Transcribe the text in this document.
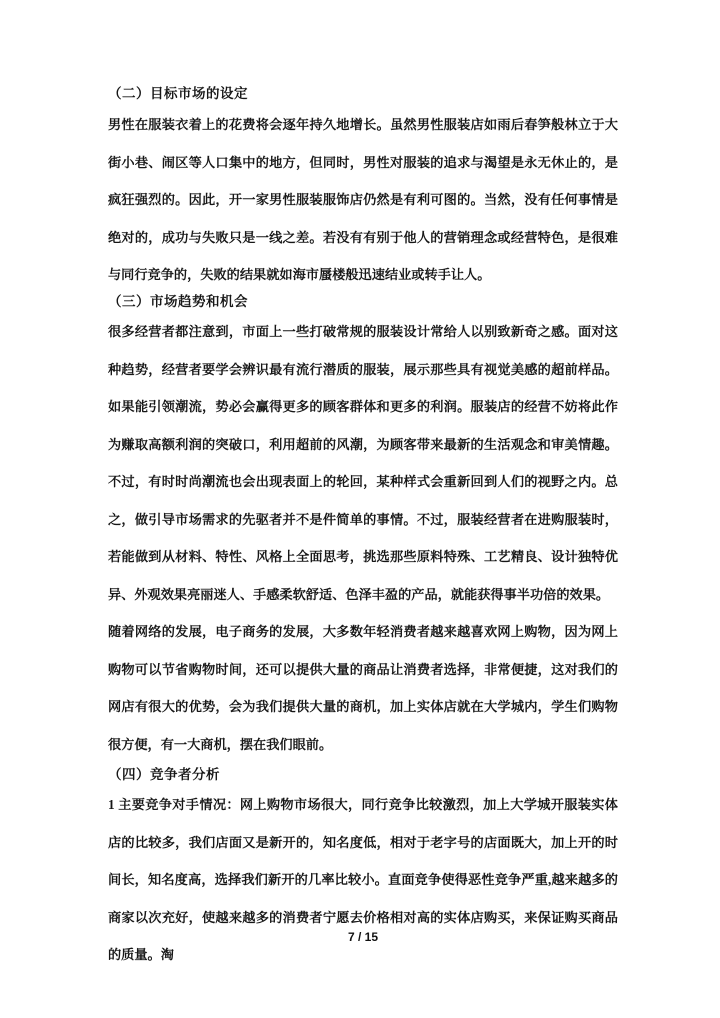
（二）目标市场的设定
男性在服装衣着上的花费将会逐年持久地增长。虽然男性服装店如雨后春笋般林立于大街小巷、闹区等人口集中的地方，但同时，男性对服装的追求与渴望是永无休止的，是疯狂强烈的。因此，开一家男性服装服饰店仍然是有利可图的。当然，没有任何事情是绝对的，成功与失败只是一线之差。若没有有别于他人的营销理念或经营特色，是很难与同行竞争的，失败的结果就如海市蜃楼般迅速结业或转手让人。
（三）市场趋势和机会
很多经营者都注意到，市面上一些打破常规的服装设计常给人以别致新奇之感。面对这种趋势，经营者要学会辨识最有流行潜质的服装，展示那些具有视觉美感的超前样品。如果能引领潮流，势必会赢得更多的顾客群体和更多的利润。服装店的经营不妨将此作为赚取高额利润的突破口，利用超前的风潮，为顾客带来最新的生活观念和审美情趣。不过，有时时尚潮流也会出现表面上的轮回，某种样式会重新回到人们的视野之内。总之，做引导市场需求的先驱者并不是件简单的事情。不过，服装经营者在进购服装时，若能做到从材料、特性、风格上全面思考，挑选那些原料特殊、工艺精良、设计独特优异、外观效果亮丽迷人、手感柔软舒适、色泽丰盈的产品，就能获得事半功倍的效果。
随着网络的发展，电子商务的发展，大多数年轻消费者越来越喜欢网上购物，因为网上购物可以节省购物时间，还可以提供大量的商品让消费者选择，非常便捷，这对我们的网店有很大的优势，会为我们提供大量的商机，加上实体店就在大学城内，学生们购物很方便，有一大商机，摆在我们眼前。
（四）竞争者分析
1 主要竞争对手情况：网上购物市场很大，同行竞争比较激烈，加上大学城开服装实体店的比较多，我们店面又是新开的，知名度低，相对于老字号的店面既大，加上开的时间长，知名度高，选择我们新开的几率比较小。直面竞争使得恶性竞争严重,越来越多的商家以次充好，使越来越多的消费者宁愿去价格相对高的实体店购买，来保证购买商品的质量。淘
7 / 15
